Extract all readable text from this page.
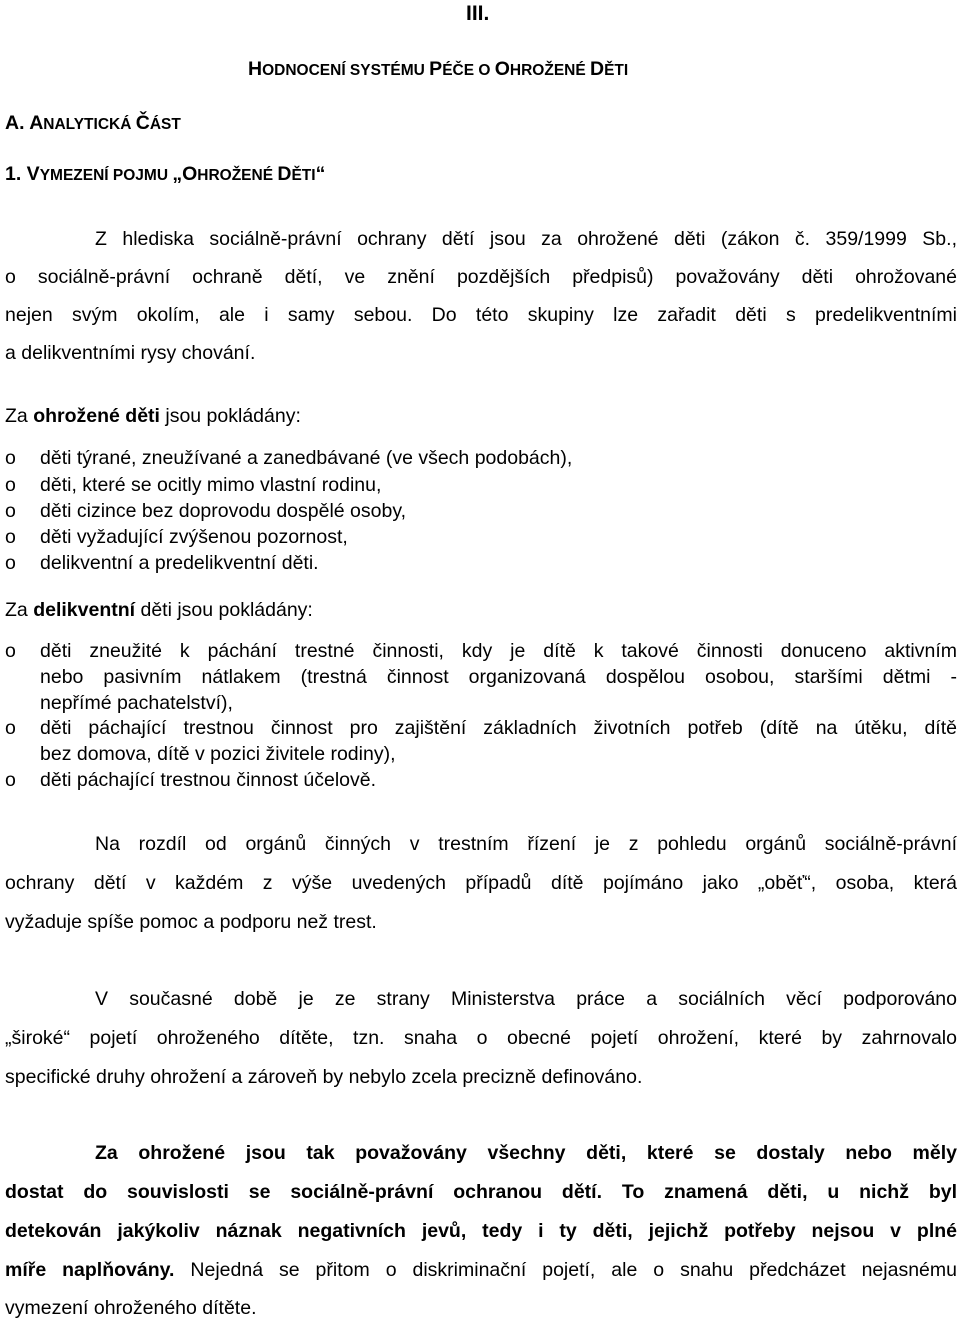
III.
HODNOCENÍ SYSTÉMU PÉČE O OHROŽENÉ DĚTI
A. ANALYTICKÁ ČÁST
1. VYMEZENÍ POJMU „OHROŽENÉ DĚTI“
Z hlediska sociálně-právní ochrany dětí jsou za ohrožené děti (zákon č. 359/1999 Sb.,
o sociálně-právní ochraně dětí, ve znění pozdějších předpisů) považovány děti ohrožované
nejen svým okolím, ale i samy sebou. Do této skupiny lze zařadit děti s predelikventními
a delikventními rysy chování.
Za ohrožené děti jsou pokládány:
o děti týrané, zneužívané a zanedbávané (ve všech podobách),
o děti, které se ocitly mimo vlastní rodinu,
o děti cizince bez doprovodu dospělé osoby,
o děti vyžadující zvýšenou pozornost,
o delikventní a predelikventní děti.
Za delikventní děti jsou pokládány:
o děti zneužité k páchání trestné činnosti, kdy je dítě k takové činnosti donuceno aktivním
nebo pasivním nátlakem (trestná činnost organizovaná dospělou osobou, staršími dětmi -
nepřímé pachatelství),
o děti páchající trestnou činnost pro zajištění základních životních potřeb (dítě na útěku, dítě
bez domova, dítě v pozici živitele rodiny),
o děti páchající trestnou činnost účelově.
Na rozdíl od orgánů činných v trestním řízení je z pohledu orgánů sociálně-právní
ochrany dětí v každém z výše uvedených případů dítě pojímáno jako „oběť“, osoba, která
vyžaduje spíše pomoc a podporu než trest.
V současné době je ze strany Ministerstva práce a sociálních věcí podporováno
„široké“ pojetí ohroženého dítěte, tzn. snaha o obecné pojetí ohrožení, které by zahrnovalo
specifické druhy ohrožení a zároveň by nebylo zcela precizně definováno.
Za ohrožené jsou tak považovány všechny děti, které se dostaly nebo měly
dostat do souvislosti se sociálně-právní ochranou dětí. To znamená děti, u nichž byl
detekován jakýkoliv náznak negativních jevů, tedy i ty děti, jejichž potřeby nejsou v plné
míře naplňovány. Nejedná se přitom o diskriminační pojetí, ale o snahu předcházet nejasnému
vymezení ohroženého dítěte.
